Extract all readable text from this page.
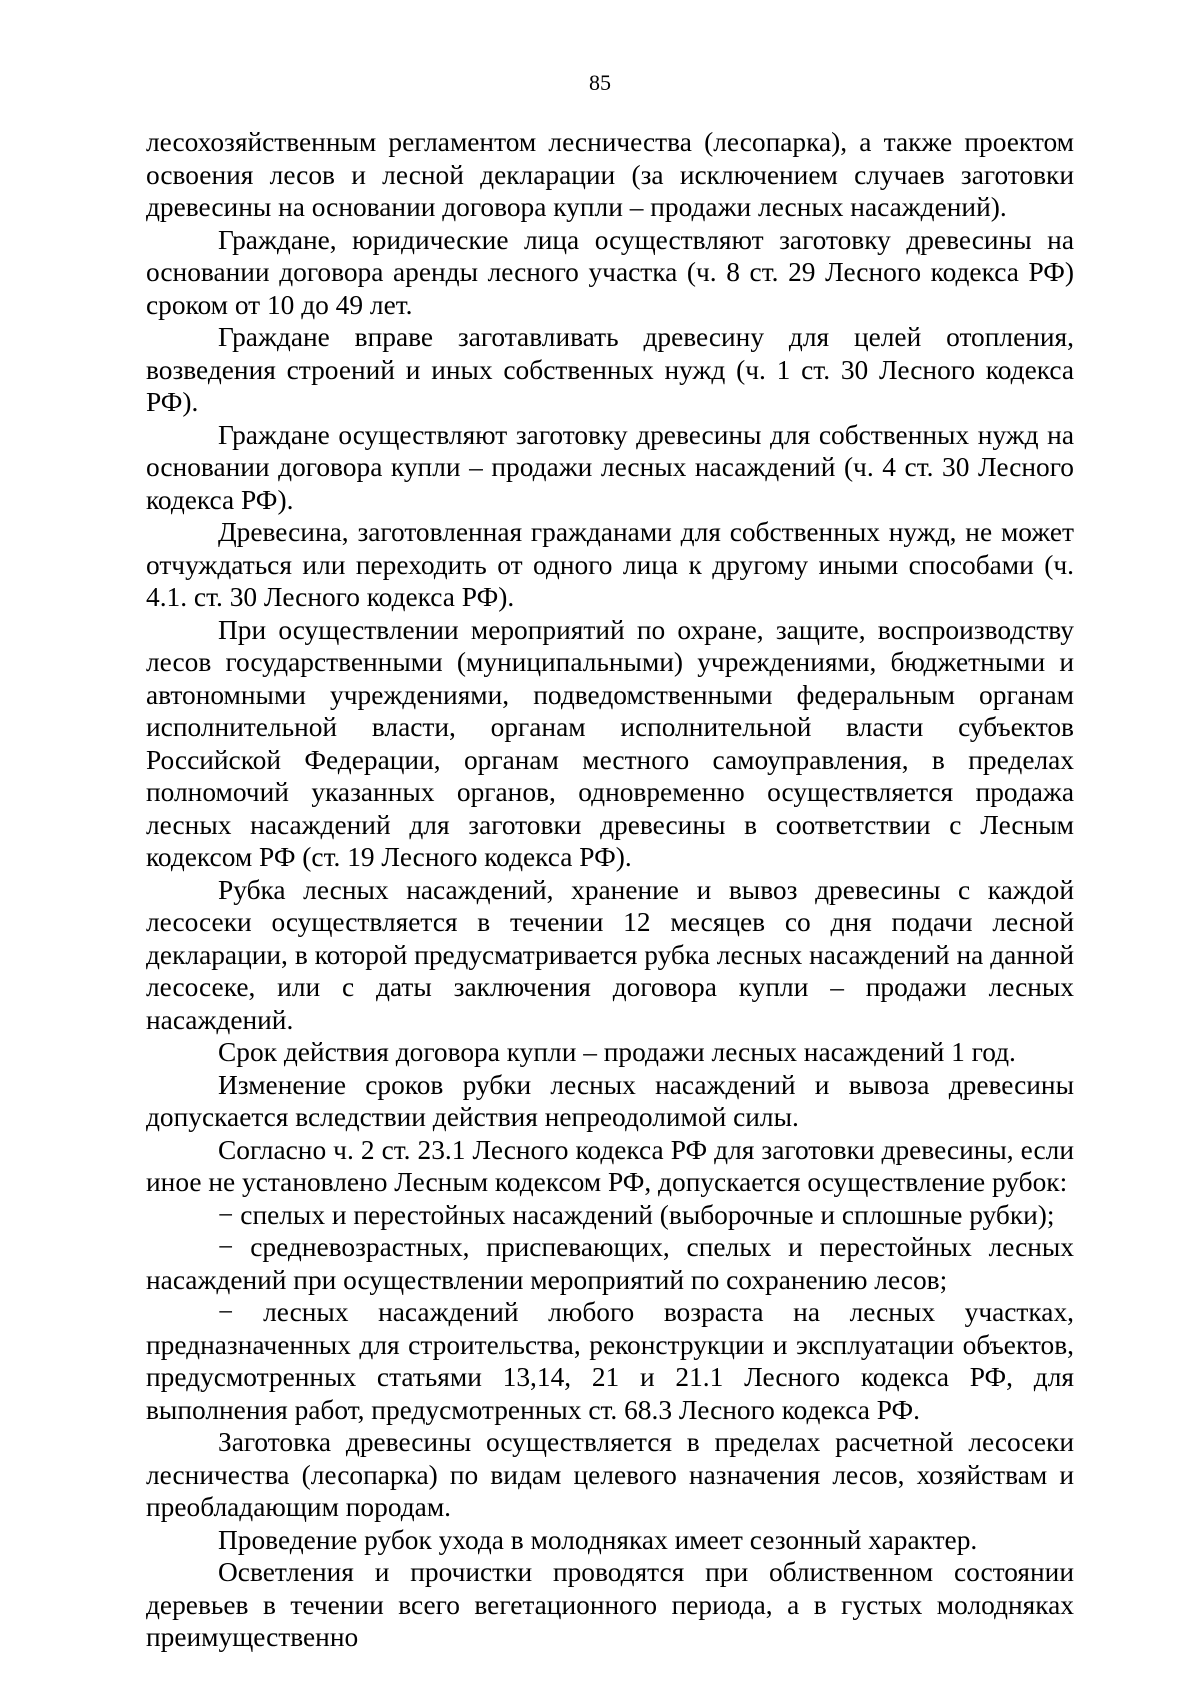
85

лесохозяйственным регламентом лесничества (лесопарка), а также проектом освоения лесов и лесной декларации (за исключением случаев заготовки древесины на основании договора купли – продажи лесных насаждений).

Граждане, юридические лица осуществляют заготовку древесины на основании договора аренды лесного участка (ч. 8 ст. 29 Лесного кодекса РФ) сроком от 10 до 49 лет.

Граждане вправе заготавливать древесину для целей отопления, возведения строений и иных собственных нужд (ч. 1 ст. 30 Лесного кодекса РФ).

Граждане осуществляют заготовку древесины для собственных нужд на основании договора купли – продажи лесных насаждений (ч. 4 ст. 30 Лесного кодекса РФ).

Древесина, заготовленная гражданами для собственных нужд, не может отчуждаться или переходить от одного лица к другому иными способами (ч. 4.1. ст. 30 Лесного кодекса РФ).

При осуществлении мероприятий по охране, защите, воспроизводству лесов государственными (муниципальными) учреждениями, бюджетными и автономными учреждениями, подведомственными федеральным органам исполнительной власти, органам исполнительной власти субъектов Российской Федерации, органам местного самоуправления, в пределах полномочий указанных органов, одновременно осуществляется продажа лесных насаждений для заготовки древесины в соответствии с Лесным кодексом РФ (ст. 19 Лесного кодекса РФ).

Рубка лесных насаждений, хранение и вывоз древесины с каждой лесосеки осуществляется в течении 12 месяцев со дня подачи лесной декларации, в которой предусматривается рубка лесных насаждений на данной лесосеке, или с даты заключения договора купли – продажи лесных насаждений.

Срок действия договора купли – продажи лесных насаждений 1 год.

Изменение сроков рубки лесных насаждений и вывоза древесины допускается вследствии действия непреодолимой силы.

Согласно ч. 2 ст. 23.1 Лесного кодекса РФ для заготовки древесины, если иное не установлено Лесным кодексом РФ, допускается осуществление рубок:

− спелых и перестойных насаждений (выборочные и сплошные рубки);

− средневозрастных, приспевающих, спелых и перестойных лесных насаждений при осуществлении мероприятий по сохранению лесов;

− лесных насаждений любого возраста на лесных участках, предназначенных для строительства, реконструкции и эксплуатации объектов, предусмотренных статьями 13,14, 21 и 21.1 Лесного кодекса РФ, для выполнения работ, предусмотренных ст. 68.3 Лесного кодекса РФ.

Заготовка древесины осуществляется в пределах расчетной лесосеки лесничества (лесопарка) по видам целевого назначения лесов, хозяйствам и преобладающим породам.

Проведение рубок ухода в молодняках имеет сезонный характер.

Осветления и прочистки проводятся при облиственном состоянии деревьев в течении всего вегетационного периода, а в густых молодняках преимущественно
